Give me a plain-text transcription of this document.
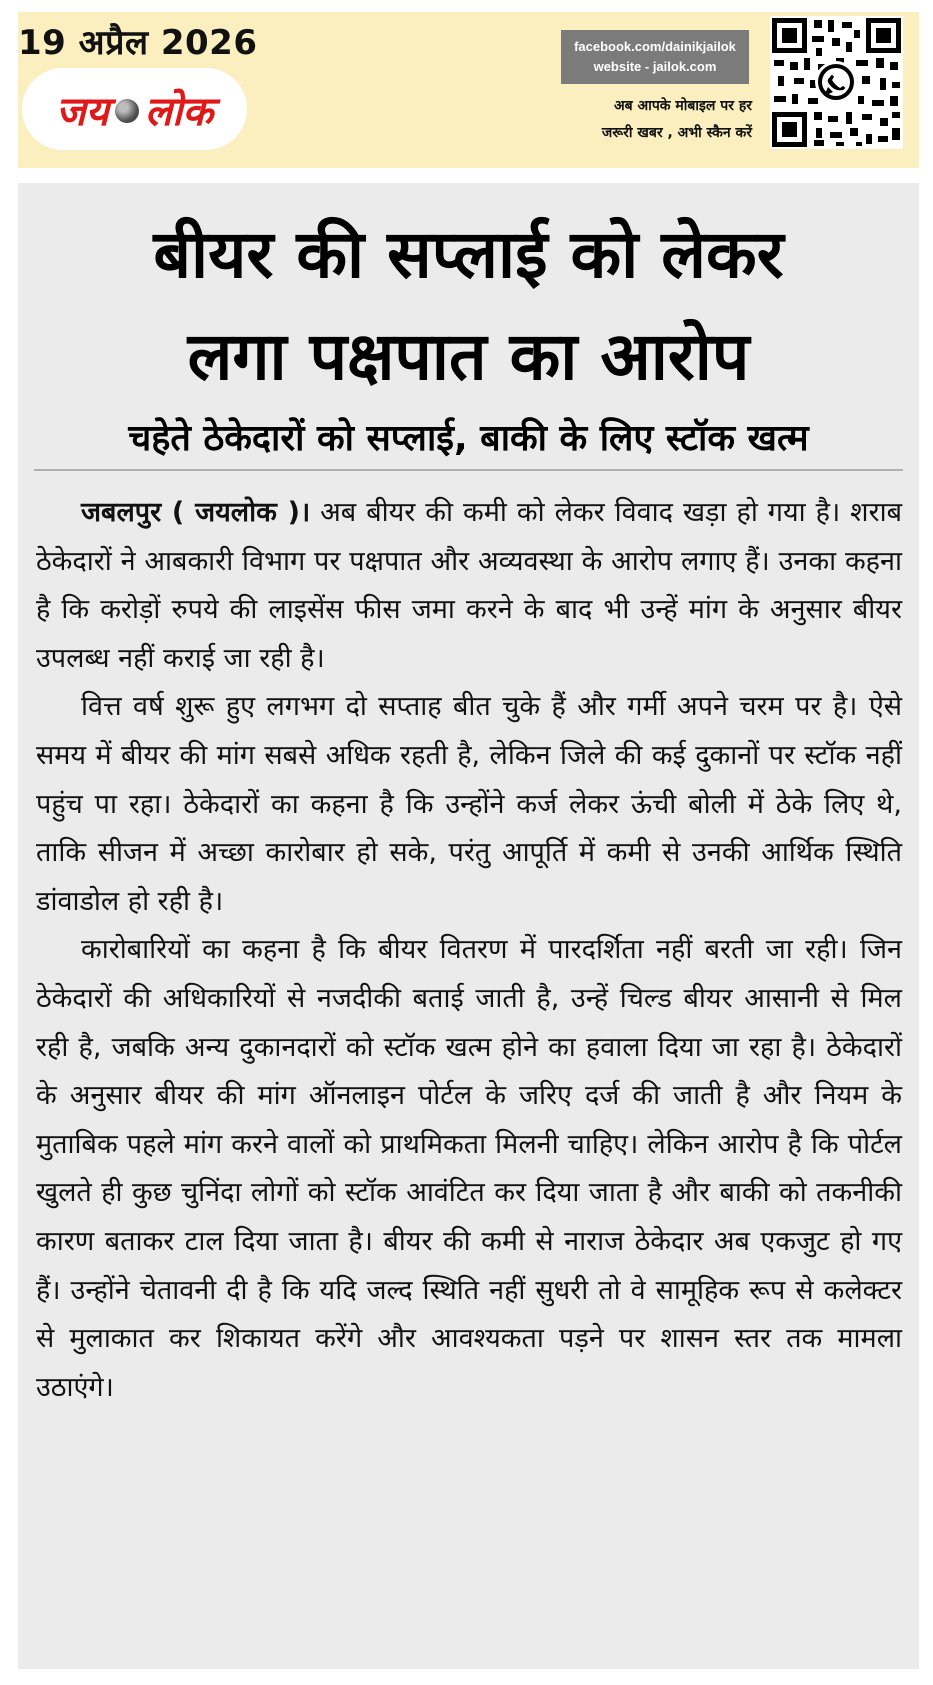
19 अप्रैल 2026
जय लोक
facebook.com/dainikjailok
website - jailok.com
अब आपके मोबाइल पर हर
जरूरी खबर , अभी स्कैन करें
बीयर की सप्लाई को लेकर
लगा पक्षपात का आरोप
चहेते ठेकेदारों को सप्लाई, बाकी के लिए स्टॉक खत्म

जबलपुर ( जयलोक )। अब बीयर की कमी को लेकर विवाद खड़ा हो गया है। शराब ठेकेदारों ने आबकारी विभाग पर पक्षपात और अव्यवस्था के आरोप लगाए हैं। उनका कहना है कि करोड़ों रुपये की लाइसेंस फीस जमा करने के बाद भी उन्हें मांग के अनुसार बीयर उपलब्ध नहीं कराई जा रही है।

वित्त वर्ष शुरू हुए लगभग दो सप्ताह बीत चुके हैं और गर्मी अपने चरम पर है। ऐसे समय में बीयर की मांग सबसे अधिक रहती है, लेकिन जिले की कई दुकानों पर स्टॉक नहीं पहुंच पा रहा। ठेकेदारों का कहना है कि उन्होंने कर्ज लेकर ऊंची बोली में ठेके लिए थे, ताकि सीजन में अच्छा कारोबार हो सके, परंतु आपूर्ति में कमी से उनकी आर्थिक स्थिति डांवाडोल हो रही है।

कारोबारियों का कहना है कि बीयर वितरण में पारदर्शिता नहीं बरती जा रही। जिन ठेकेदारों की अधिकारियों से नजदीकी बताई जाती है, उन्हें चिल्ड बीयर आसानी से मिल रही है, जबकि अन्य दुकानदारों को स्टॉक खत्म होने का हवाला दिया जा रहा है। ठेकेदारों के अनुसार बीयर की मांग ऑनलाइन पोर्टल के जरिए दर्ज की जाती है और नियम के मुताबिक पहले मांग करने वालों को प्राथमिकता मिलनी चाहिए। लेकिन आरोप है कि पोर्टल खुलते ही कुछ चुनिंदा लोगों को स्टॉक आवंटित कर दिया जाता है और बाकी को तकनीकी कारण बताकर टाल दिया जाता है। बीयर की कमी से नाराज ठेकेदार अब एकजुट हो गए हैं। उन्होंने चेतावनी दी है कि यदि जल्द स्थिति नहीं सुधरी तो वे सामूहिक रूप से कलेक्टर से मुलाकात कर शिकायत करेंगे और आवश्यकता पड़ने पर शासन स्तर तक मामला उठाएंगे।
